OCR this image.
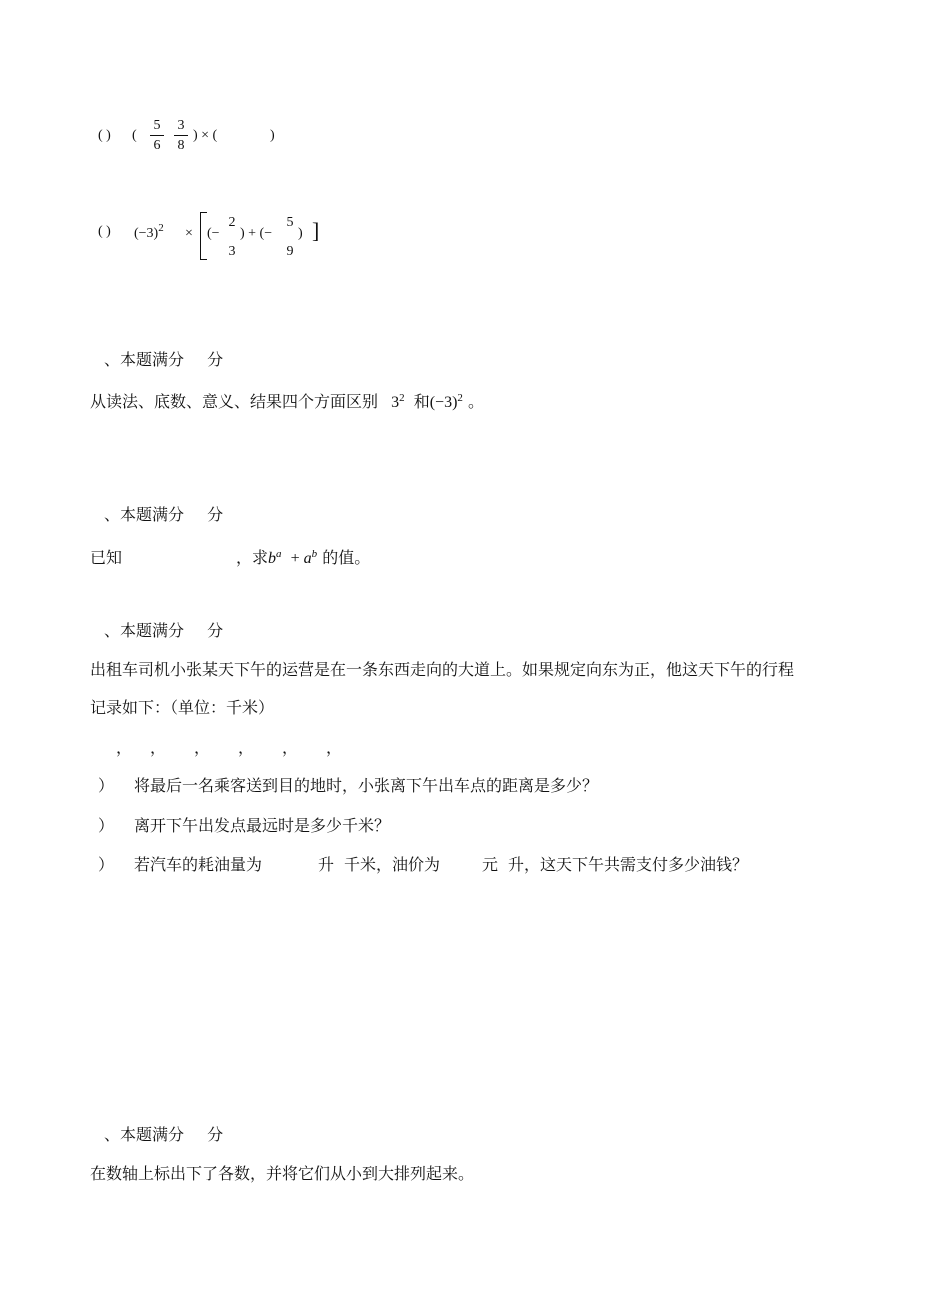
( ) ( $\frac{5}{6} \frac{3}{8}$ ) × (	)
( ) $(-3)^2$ × (−
2
3
) + (−
5
9
) ]
、本题满分 分
从读法、底数、意义、结果四个方面区别 $3^2$ 和$(-3)^2$ 。
、本题满分 分
已知	，求$b^a + a^b$ 的值。
、本题满分 分
出租车司机小张某天下午的运营是在一条东西走向的大道上。如果规定向东为正，他这天下午的行程
记录如下：（单位：千米）
， ， ， ， ， ，
） 将最后一名乘客送到目的地时，小张离下午出车点的距离是多少？
） 离开下午出发点最远时是多少千米？
） 若汽车的耗油量为	升 千米，油价为	元 升，这天下午共需支付多少油钱？
、本题满分 分
在数轴上标出下了各数，并将它们从小到大排列起来。
